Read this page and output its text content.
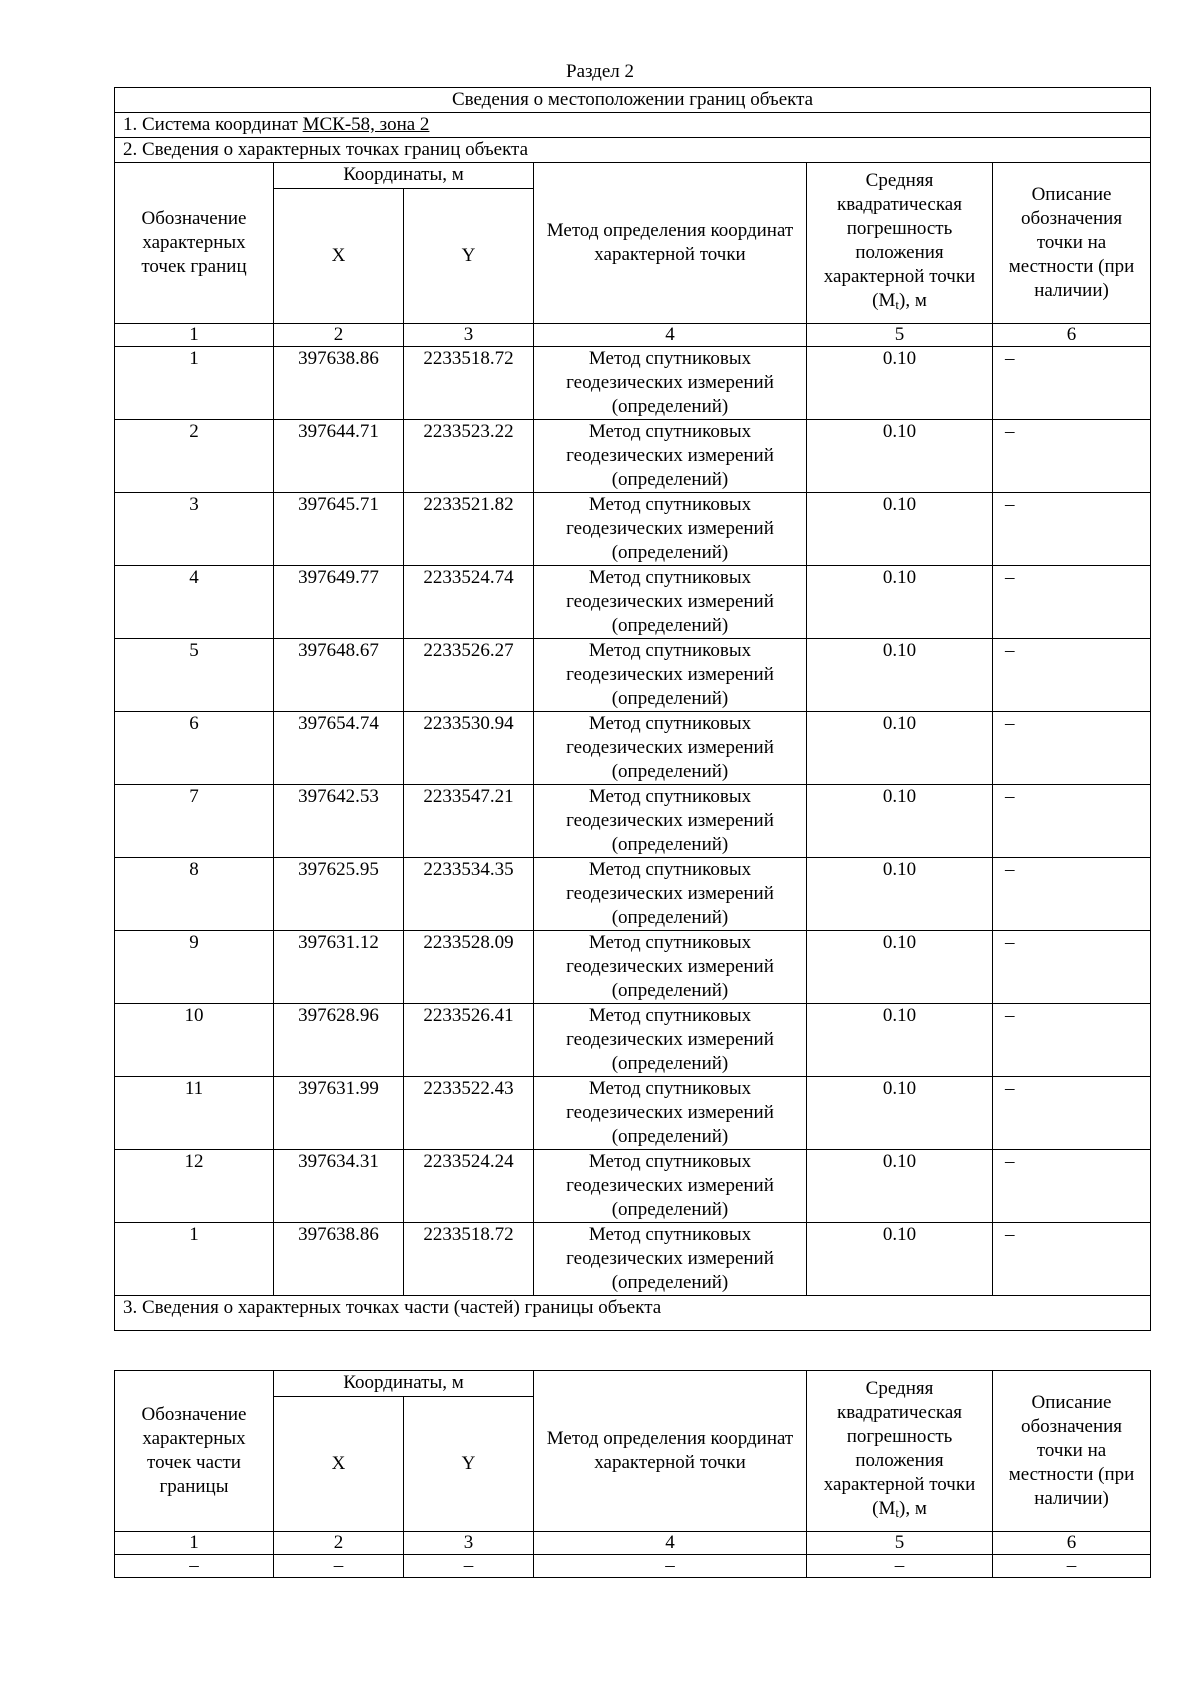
Раздел 2
Сведения о местоположении границ объекта					
1. Система координат МСК-58, зона 2					
2. Сведения о характерных точках границ объекта					
Обозначение характерных точек границ	Координаты, м		Метод определения координат характерной точки	Средняя квадратическая погрешность положения характерной точки $(M_t)$, м	Описание обозначения точки на местности (при наличии)
	X	Y			
1	2	3	4	5	6
1	397638.86	2233518.72	Метод спутниковых геодезических измерений (определений)	0.10	–
2	397644.71	2233523.22	Метод спутниковых геодезических измерений (определений)	0.10	–
3	397645.71	2233521.82	Метод спутниковых геодезических измерений (определений)	0.10	–
4	397649.77	2233524.74	Метод спутниковых геодезических измерений (определений)	0.10	–
5	397648.67	2233526.27	Метод спутниковых геодезических измерений (определений)	0.10	–
6	397654.74	2233530.94	Метод спутниковых геодезических измерений (определений)	0.10	–
7	397642.53	2233547.21	Метод спутниковых геодезических измерений (определений)	0.10	–
8	397625.95	2233534.35	Метод спутниковых геодезических измерений (определений)	0.10	–
9	397631.12	2233528.09	Метод спутниковых геодезических измерений (определений)	0.10	–
10	397628.96	2233526.41	Метод спутниковых геодезических измерений (определений)	0.10	–
11	397631.99	2233522.43	Метод спутниковых геодезических измерений (определений)	0.10	–
12	397634.31	2233524.24	Метод спутниковых геодезических измерений (определений)	0.10	–
1	397638.86	2233518.72	Метод спутниковых геодезических измерений (определений)	0.10	–
3. Сведения о характерных точках части (частей) границы объекта					
Обозначение характерных точек части границы	Координаты, м		Метод определения координат характерной точки	Средняя квадратическая погрешность положения характерной точки $(M_t)$, м	Описание обозначения точки на местности (при наличии)
	X	Y			
1	2	3	4	5	6
–	–	–	–	–	–
